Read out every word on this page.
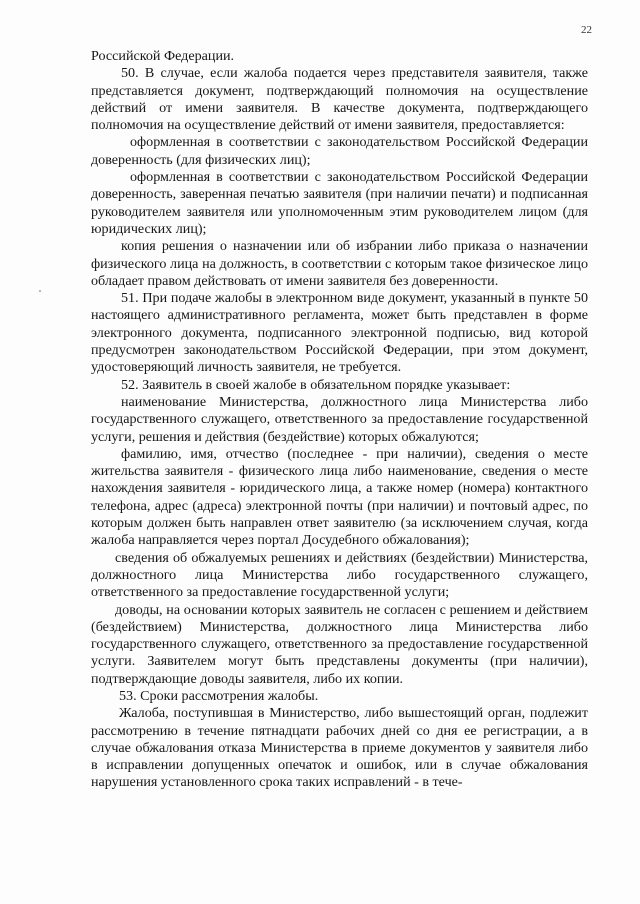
22

Российской Федерации.

50. В случае, если жалоба подается через представителя заявителя, также представляется документ, подтверждающий полномочия на осуществление действий от имени заявителя. В качестве документа, подтверждающего полномочия на осуществление действий от имени заявителя, предоставляется:

оформленная в соответствии с законодательством Российской Федерации доверенность (для физических лиц);

оформленная в соответствии с законодательством Российской Федерации доверенность, заверенная печатью заявителя (при наличии печати) и подписанная руководителем заявителя или уполномоченным этим руководителем лицом (для юридических лиц);

копия решения о назначении или об избрании либо приказа о назначении физического лица на должность, в соответствии с которым такое физическое лицо обладает правом действовать от имени заявителя без доверенности.

51. При подаче жалобы в электронном виде документ, указанный в пункте 50 настоящего административного регламента, может быть представлен в форме электронного документа, подписанного электронной подписью, вид которой предусмотрен законодательством Российской Федерации, при этом документ, удостоверяющий личность заявителя, не требуется.

52. Заявитель в своей жалобе в обязательном порядке указывает:

наименование Министерства, должностного лица Министерства либо государственного служащего, ответственного за предоставление государственной услуги, решения и действия (бездействие) которых обжалуются;

фамилию, имя, отчество (последнее - при наличии), сведения о месте жительства заявителя - физического лица либо наименование, сведения о месте нахождения заявителя - юридического лица, а также номер (номера) контактного телефона, адрес (адреса) электронной почты (при наличии) и почтовый адрес, по которым должен быть направлен ответ заявителю (за исключением случая, когда жалоба направляется через портал Досудебного обжалования);

сведения об обжалуемых решениях и действиях (бездействии) Министерства, должностного лица Министерства либо государственного служащего, ответственного за предоставление государственной услуги;

доводы, на основании которых заявитель не согласен с решением и действием (бездействием) Министерства, должностного лица Министерства либо государственного служащего, ответственного за предоставление государственной услуги. Заявителем могут быть представлены документы (при наличии), подтверждающие доводы заявителя, либо их копии.

53. Сроки рассмотрения жалобы.

Жалоба, поступившая в Министерство, либо вышестоящий орган, подлежит рассмотрению в течение пятнадцати рабочих дней со дня ее регистрации, а в случае обжалования отказа Министерства в приеме документов у заявителя либо в исправлении допущенных опечаток и ошибок, или в случае обжалования нарушения установленного срока таких исправлений - в тече-
